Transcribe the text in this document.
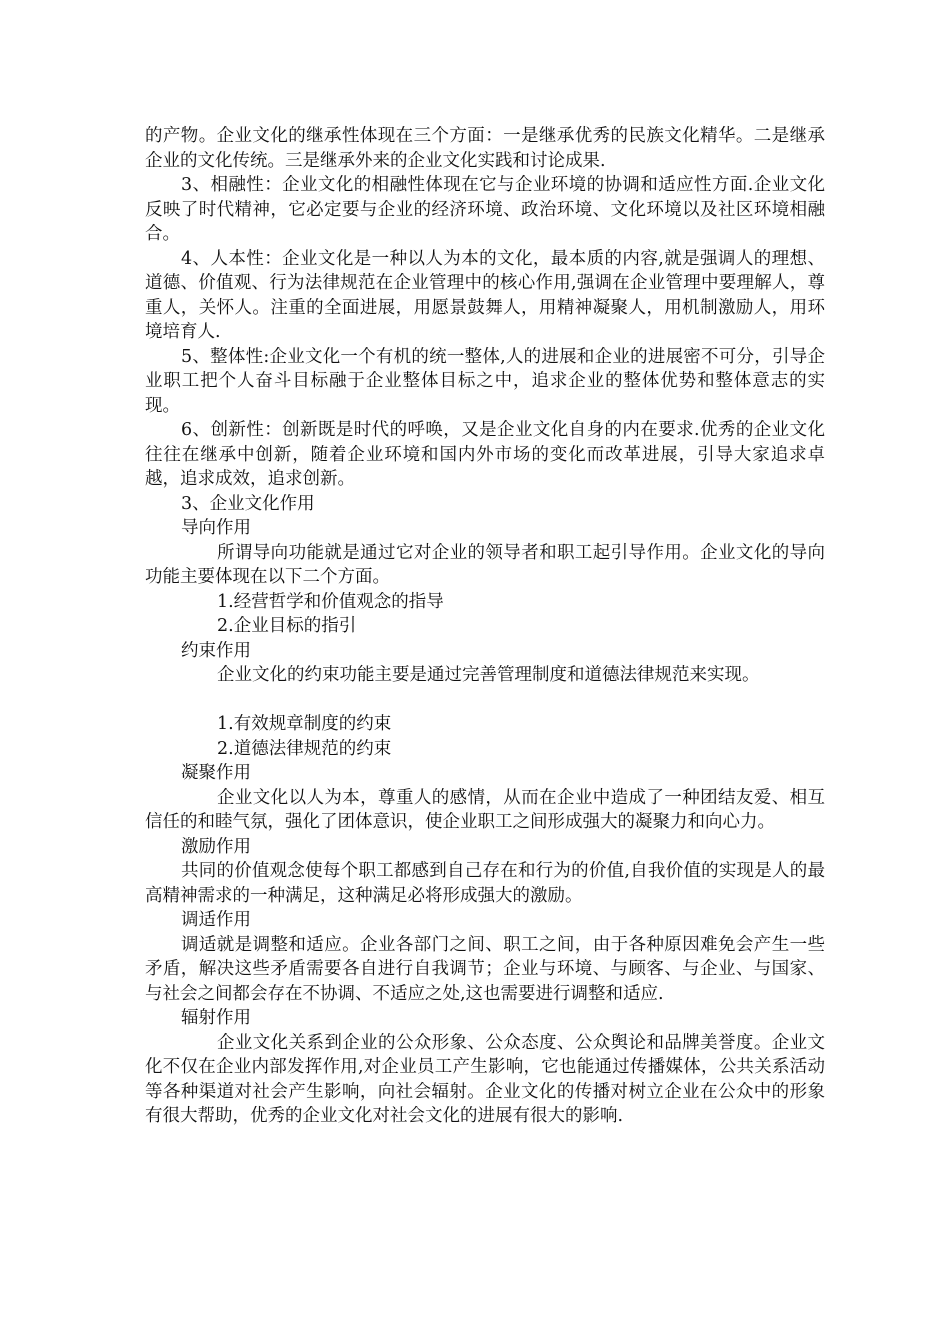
的产物。企业文化的继承性体现在三个方面：一是继承优秀的民族文化精华。二是继承企业的文化传统。三是继承外来的企业文化实践和讨论成果.

3、相融性：企业文化的相融性体现在它与企业环境的协调和适应性方面.企业文化反映了时代精神，它必定要与企业的经济环境、政治环境、文化环境以及社区环境相融合。

4、人本性：企业文化是一种以人为本的文化，最本质的内容,就是强调人的理想、道德、价值观、行为法律规范在企业管理中的核心作用,强调在企业管理中要理解人，尊重人，关怀人。注重的全面进展，用愿景鼓舞人，用精神凝聚人，用机制激励人，用环境培育人.

5、整体性:企业文化一个有机的统一整体,人的进展和企业的进展密不可分，引导企业职工把个人奋斗目标融于企业整体目标之中，追求企业的整体优势和整体意志的实现。

6、创新性：创新既是时代的呼唤，又是企业文化自身的内在要求.优秀的企业文化往往在继承中创新，随着企业环境和国内外市场的变化而改革进展，引导大家追求卓越，追求成效，追求创新。

3、企业文化作用

导向作用

所谓导向功能就是通过它对企业的领导者和职工起引导作用。企业文化的导向功能主要体现在以下二个方面。

1.经营哲学和价值观念的指导

2.企业目标的指引

约束作用

企业文化的约束功能主要是通过完善管理制度和道德法律规范来实现。

1.有效规章制度的约束

2.道德法律规范的约束

凝聚作用

企业文化以人为本，尊重人的感情，从而在企业中造成了一种团结友爱、相互信任的和睦气氛，强化了团体意识，使企业职工之间形成强大的凝聚力和向心力。

激励作用

共同的价值观念使每个职工都感到自己存在和行为的价值,自我价值的实现是人的最高精神需求的一种满足，这种满足必将形成强大的激励。

调适作用

调适就是调整和适应。企业各部门之间、职工之间，由于各种原因难免会产生一些矛盾，解决这些矛盾需要各自进行自我调节；企业与环境、与顾客、与企业、与国家、与社会之间都会存在不协调、不适应之处,这也需要进行调整和适应.

辐射作用

企业文化关系到企业的公众形象、公众态度、公众舆论和品牌美誉度。企业文化不仅在企业内部发挥作用,对企业员工产生影响，它也能通过传播媒体，公共关系活动等各种渠道对社会产生影响，向社会辐射。企业文化的传播对树立企业在公众中的形象有很大帮助，优秀的企业文化对社会文化的进展有很大的影响.
